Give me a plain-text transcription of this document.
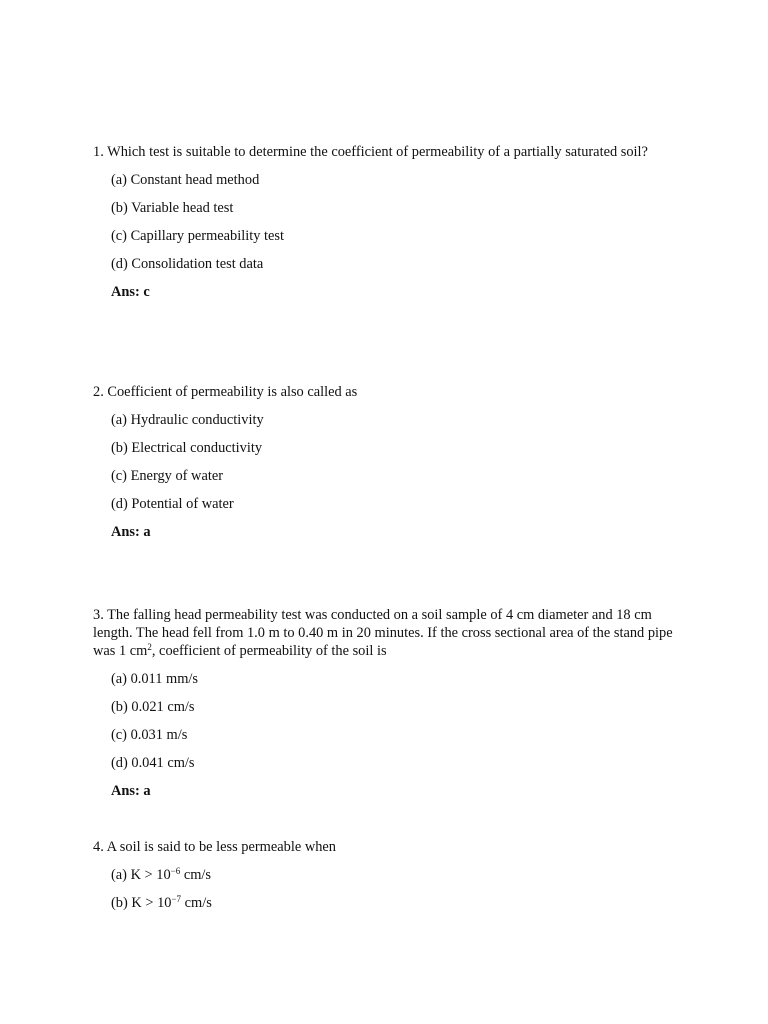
1. Which test is suitable to determine the coefficient of permeability of a partially saturated soil?

(a) Constant head method
(b) Variable head test
(c) Capillary permeability test
(d) Consolidation test data
Ans: c

2. Coefficient of permeability is also called as

(a) Hydraulic conductivity
(b) Electrical conductivity
(c) Energy of water
(d) Potential of water
Ans: a

3. The falling head permeability test was conducted on a soil sample of 4 cm diameter and 18 cm length. The head fell from 1.0 m to 0.40 m in 20 minutes. If the cross sectional area of the stand pipe was 1 $cm^2$, coefficient of permeability of the soil is

(a) 0.011 mm/s
(b) 0.021 cm/s
(c) 0.031 m/s
(d) 0.041 cm/s
Ans: a

4. A soil is said to be less permeable when

(a) $K > 10^{-6}$ cm/s
(b) $K > 10^{-7}$ cm/s
